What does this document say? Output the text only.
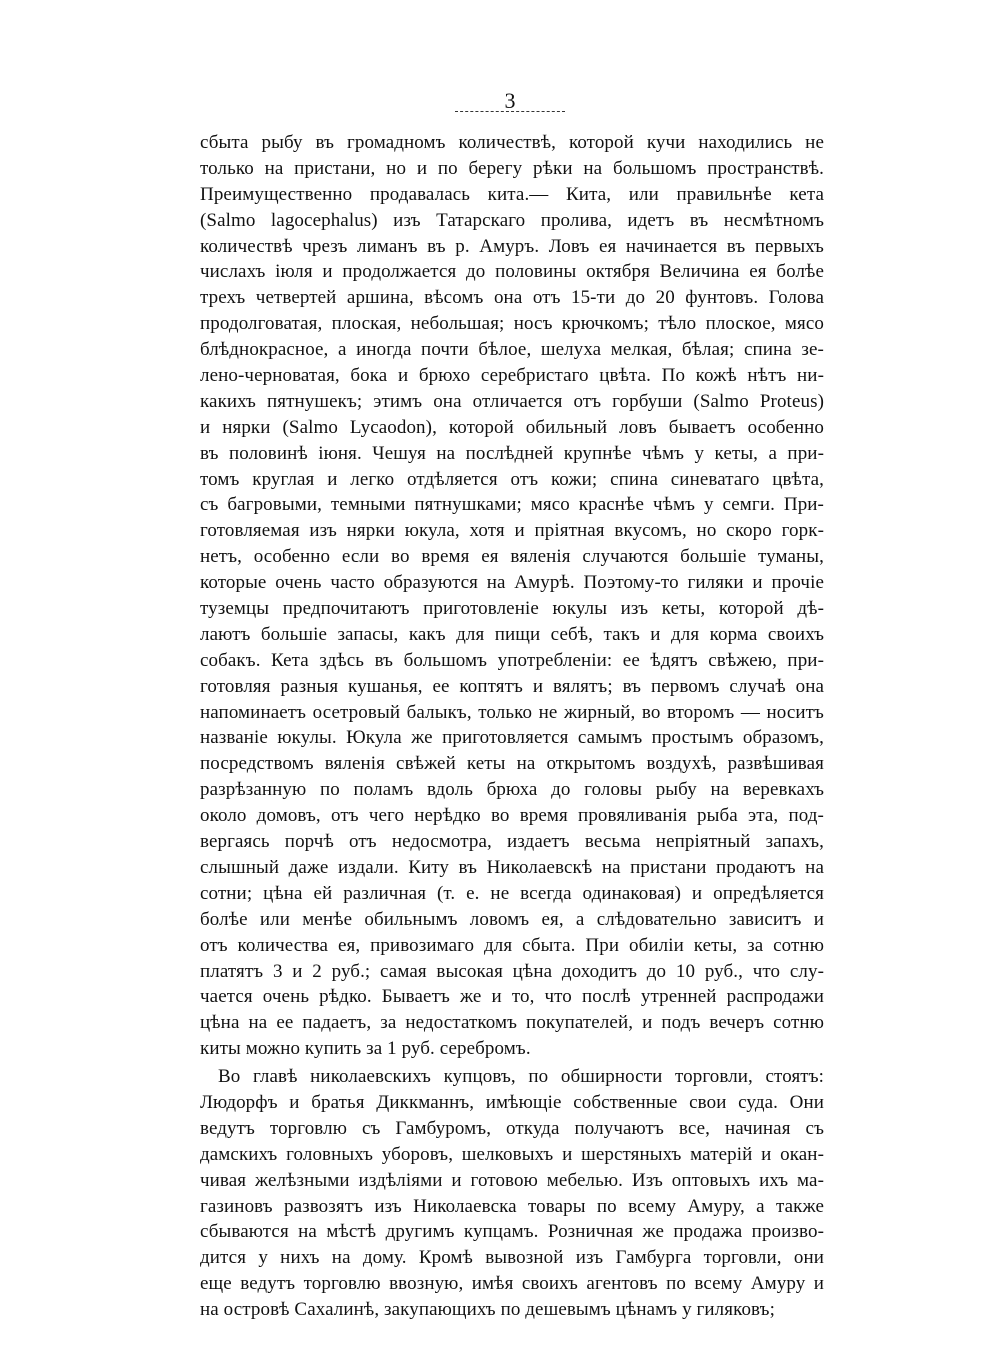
3
сбыта рыбу въ громадномъ количествѣ, которой кучи находились не
только на пристани, но и по берегу рѣки на большомъ пространствѣ.
Преимущественно продавалась кита.— Кита, или правильнѣе кета
(Salmo lagocephalus) изъ Татарскаго пролива, идетъ въ несмѣтномъ
количествѣ чрезъ лиманъ въ р. Амуръ. Ловъ ея начинается въ первыхъ
числахъ іюля и продолжается до половины октября Величина ея болѣе
трехъ четвертей аршина, вѣсомъ она отъ 15-ти до 20 фунтовъ. Голова
продолговатая, плоская, небольшая; носъ крючкомъ; тѣло плоское, мясо
блѣднокрасное, а иногда почти бѣлое, шелуха мелкая, бѣлая; спина зе-
лено-черноватая, бока и брюхо серебристаго цвѣта. По кожѣ нѣтъ ни-
какихъ пятнушекъ; этимъ она отличается отъ горбуши (Salmo Proteus)
и нярки (Salmo Lycaodon), которой обильный ловъ бываетъ особенно
въ половинѣ іюня. Чешуя на послѣдней крупнѣе чѣмъ у кеты, а при-
томъ круглая и легко отдѣляется отъ кожи; спина синеватаго цвѣта,
съ багровыми, темными пятнушками; мясо краснѣе чѣмъ у семги. При-
готовляемая изъ нярки юкула, хотя и пріятная вкусомъ, но скоро горк-
нетъ, особенно если во время ея вяленія случаются большіе туманы,
которые очень часто образуются на Амурѣ. Поэтому-то гиляки и прочіе
туземцы предпочитаютъ приготовленіе юкулы изъ кеты, которой дѣ-
лаютъ большіе запасы, какъ для пищи себѣ, такъ и для корма своихъ
собакъ. Кета здѣсь въ большомъ употребленіи: ее ѣдятъ свѣжею, при-
готовляя разныя кушанья, ее коптятъ и вялятъ; въ первомъ случаѣ она
напоминаетъ осетровый балыкъ, только не жирный, во второмъ — носитъ
названіе юкулы. Юкула же приготовляется самымъ простымъ образомъ,
посредствомъ вяленія свѣжей кеты на открытомъ воздухѣ, развѣшивая
разрѣзанную по поламъ вдоль брюха до головы рыбу на веревкахъ
около домовъ, отъ чего нерѣдко во время провяливанія рыба эта, под-
вергаясь порчѣ отъ недосмотра, издаетъ весьма непріятный запахъ,
слышный даже издали. Киту въ Николаевскѣ на пристани продаютъ на
сотни; цѣна ей различная (т. е. не всегда одинаковая) и опредѣляется
болѣе или менѣе обильнымъ ловомъ ея, а слѣдовательно зависитъ и
отъ количества ея, привозимаго для сбыта. При обиліи кеты, за сотню
платятъ 3 и 2 руб.; самая высокая цѣна доходитъ до 10 руб., что слу-
чается очень рѣдко. Бываетъ же и то, что послѣ утренней распродажи
цѣна на ее падаетъ, за недостаткомъ покупателей, и подъ вечеръ сотню
киты можно купить за 1 руб. серебромъ.
Во главѣ николаевскихъ купцовъ, по обширности торговли, стоятъ:
Людорфъ и братья Диккманнъ, имѣющіе собственные свои суда. Они
ведутъ торговлю съ Гамбуромъ, откуда получаютъ все, начиная съ
дамскихъ головныхъ уборовъ, шелковыхъ и шерстяныхъ матерій и окан-
чивая желѣзными издѣліями и готовою мебелью. Изъ оптовыхъ ихъ ма-
газиновъ развозятъ изъ Николаевска товары по всему Амуру, а также
сбываются на мѣстѣ другимъ купцамъ. Розничная же продажа произво-
дится у нихъ на дому. Кромѣ вывозной изъ Гамбурга торговли, они
еще ведутъ торговлю ввозную, имѣя своихъ агентовъ по всему Амуру и
на островѣ Сахалинѣ, закупающихъ по дешевымъ цѣнамъ у гиляковъ;
